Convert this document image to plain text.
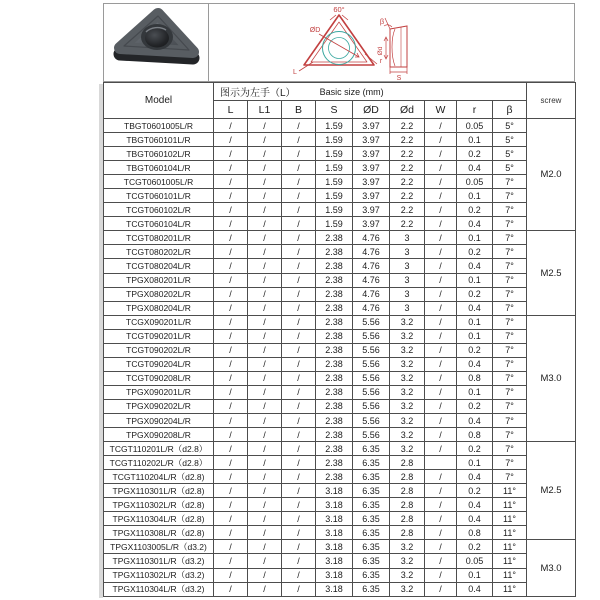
60°
ØD
L
r
β
Ød
S
Model	图示为左手（L） Basic size (mm)									screw
	L	L1	B	S	ØD	Ød	W	r	β	
TBGT0601005L/R	/	/	/	1.59	3.97	2.2	/	0.05	5°	M2.0
TBGT060101L/R	/	/	/	1.59	3.97	2.2	/	0.1	5°	
TBGT060102L/R	/	/	/	1.59	3.97	2.2	/	0.2	5°	
TBGT060104L/R	/	/	/	1.59	3.97	2.2	/	0.4	5°	
TCGT0601005L/R	/	/	/	1.59	3.97	2.2	/	0.05	7°	
TCGT060101L/R	/	/	/	1.59	3.97	2.2	/	0.1	7°	
TCGT060102L/R	/	/	/	1.59	3.97	2.2	/	0.2	7°	
TCGT060104L/R	/	/	/	1.59	3.97	2.2	/	0.4	7°	
TCGT080201L/R	/	/	/	2.38	4.76	3	/	0.1	7°	M2.5
TCGT080202L/R	/	/	/	2.38	4.76	3	/	0.2	7°	
TCGT080204L/R	/	/	/	2.38	4.76	3	/	0.4	7°	
TPGX080201L/R	/	/	/	2.38	4.76	3	/	0.1	7°	
TPGX080202L/R	/	/	/	2.38	4.76	3	/	0.2	7°	
TPGX080204L/R	/	/	/	2.38	4.76	3	/	0.4	7°	
TCGX090201L/R	/	/	/	2.38	5.56	3.2	/	0.1	7°	M3.0
TCGT090201L/R	/	/	/	2.38	5.56	3.2	/	0.1	7°	
TCGT090202L/R	/	/	/	2.38	5.56	3.2	/	0.2	7°	
TCGT090204L/R	/	/	/	2.38	5.56	3.2	/	0.4	7°	
TCGT090208L/R	/	/	/	2.38	5.56	3.2	/	0.8	7°	
TPGX090201L/R	/	/	/	2.38	5.56	3.2	/	0.1	7°	
TPGX090202L/R	/	/	/	2.38	5.56	3.2	/	0.2	7°	
TPGX090204L/R	/	/	/	2.38	5.56	3.2	/	0.4	7°	
TPGX090208L/R	/	/	/	2.38	5.56	3.2	/	0.8	7°	
TCGT110201L/R（d2.8）	/	/	/	2.38	6.35	3.2	/	0.2	7°	M2.5
TCGT110202L/R（d2.8）	/	/	/	2.38	6.35	2.8		0.1	7°	
TCGT110204L/R（d2.8)	/	/	/	2.38	6.35	2.8	/	0.4	7°	
TPGX110301L/R（d2.8)	/	/	/	3.18	6.35	2.8	/	0.2	11°	
TPGX110302L/R（d2.8)	/	/	/	3.18	6.35	2.8	/	0.4	11°	
TPGX110304L/R（d2.8)	/	/	/	3.18	6.35	2.8	/	0.4	11°	
TPGX110308L/R（d2.8)	/	/	/	3.18	6.35	2.8	/	0.8	11°	
TPGX1103005L/R（d3.2)	/	/	/	3.18	6.35	3.2	/	0.2	11°	M3.0
TPGX110301L/R（d3.2)	/	/	/	3.18	6.35	3.2	/	0.05	11°	
TPGX110302L/R（d3.2)	/	/	/	3.18	6.35	3.2	/	0.1	11°	
TPGX110304L/R（d3.2)	/	/	/	3.18	6.35	3.2	/	0.4	11°	
